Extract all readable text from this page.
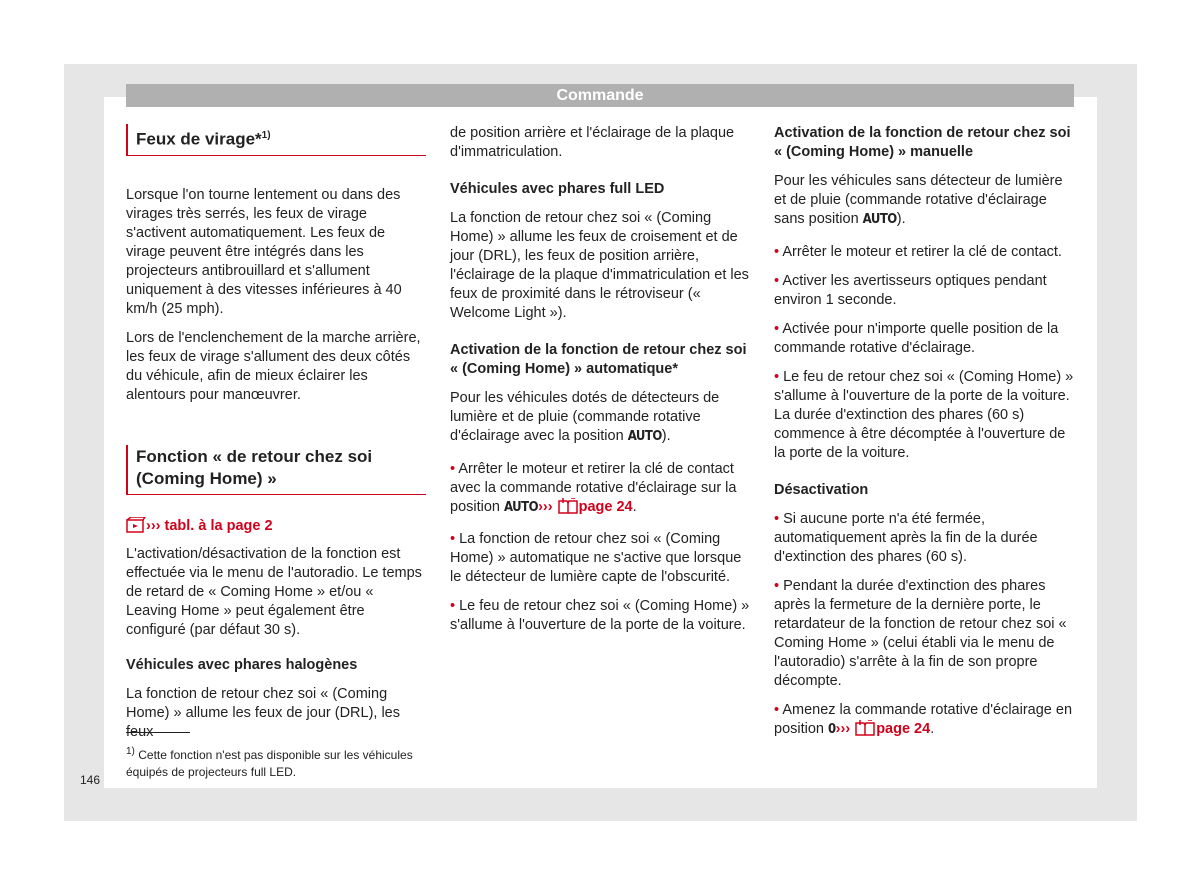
Commande
Feux de virage*$^{1)}$

Lorsque l'on tourne lentement ou dans des virages très serrés, les feux de virage s'activent automatiquement. Les feux de virage peuvent être intégrés dans les projecteurs antibrouillard et s'allument uniquement à des vitesses inférieures à 40 km/h (25 mph).

Lors de l'enclenchement de la marche arrière, les feux de virage s'allument des deux côtés du véhicule, afin de mieux éclairer les alentours pour manœuvrer.

Fonction « de retour chez soi (Coming Home) »

››› tabl. à la page 2

L'activation/désactivation de la fonction est effectuée via le menu de l'autoradio. Le temps de retard de « Coming Home » et/ou « Leaving Home » peut également être configuré (par défaut 30 s).

Véhicules avec phares halogènes

La fonction de retour chez soi « (Coming Home) » allume les feux de jour (DRL), les feux

de position arrière et l'éclairage de la plaque d'immatriculation.

Véhicules avec phares full LED

La fonction de retour chez soi « (Coming Home) » allume les feux de croisement et de jour (DRL), les feux de position arrière, l'éclairage de la plaque d'immatriculation et les feux de proximité dans le rétroviseur (« Welcome Light »).

Activation de la fonction de retour chez soi « (Coming Home) » automatique*

Pour les véhicules dotés de détecteurs de lumière et de pluie (commande rotative d'éclairage avec la position AUTO).

• Arrêter le moteur et retirer la clé de contact avec la commande rotative d'éclairage sur la position AUTO››› page 24.

• La fonction de retour chez soi « (Coming Home) » automatique ne s'active que lorsque le détecteur de lumière capte de l'obscurité.

• Le feu de retour chez soi « (Coming Home) » s'allume à l'ouverture de la porte de la voiture.

Activation de la fonction de retour chez soi « (Coming Home) » manuelle

Pour les véhicules sans détecteur de lumière et de pluie (commande rotative d'éclairage sans position AUTO).

• Arrêter le moteur et retirer la clé de contact.

• Activer les avertisseurs optiques pendant environ 1 seconde.

• Activée pour n'importe quelle position de la commande rotative d'éclairage.

• Le feu de retour chez soi « (Coming Home) » s'allume à l'ouverture de la porte de la voiture. La durée d'extinction des phares (60 s) commence à être décomptée à l'ouverture de la porte de la voiture.

Désactivation

• Si aucune porte n'a été fermée, automatiquement après la fin de la durée d'extinction des phares (60 s).

• Pendant la durée d'extinction des phares après la fermeture de la dernière porte, le retardateur de la fonction de retour chez soi « Coming Home » (celui établi via le menu de l'autoradio) s'arrête à la fin de son propre décompte.

• Amenez la commande rotative d'éclairage en position 0››› page 24.

$^{1)}$ Cette fonction n'est pas disponible sur les véhicules équipés de projecteurs full LED.
146
